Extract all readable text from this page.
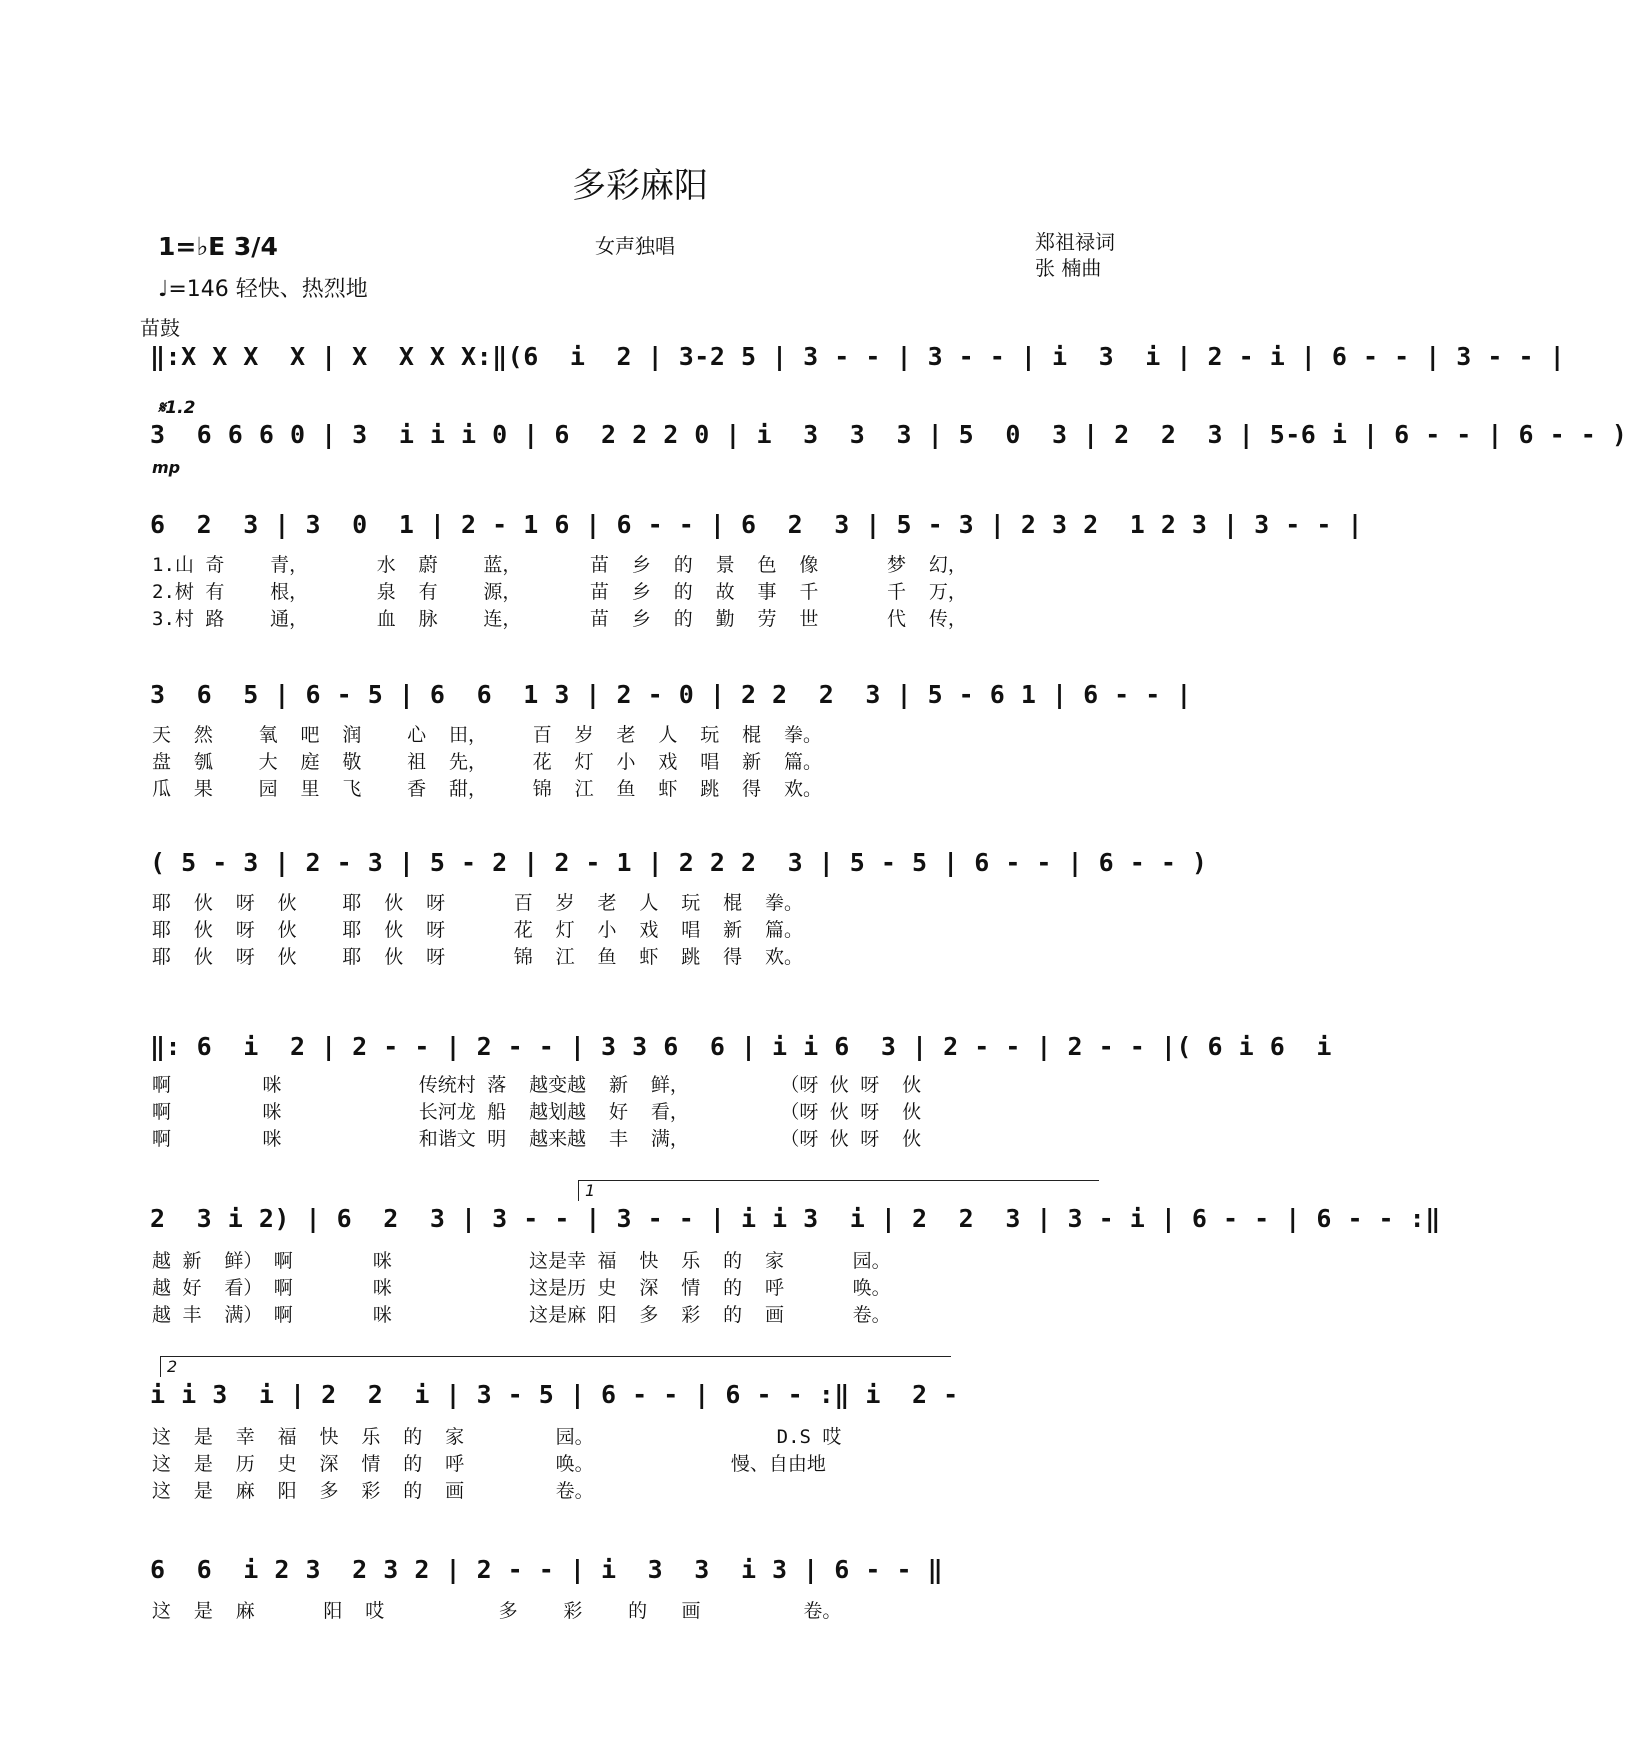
多彩麻阳
1=♭E 3/4
♩=146 轻快、热烈地
女声独唱	郑祖禄词
张 楠曲
苗鼓
𝄋1.2
mp
‖:X X X  X | X  X X X:‖(6  i  2 | 3-2 5 | 3 - - | 3 - - | i  3  i | 2 - i | 6 - - | 3 - - |
3  6 6 6 0 | 3  i i i 0 | 6  2 2 2 0 | i  3  3  3 | 5  0  3 | 2  2  3 | 5-6 i | 6 - - | 6 - - )
6  2  3 | 3  0  1 | 2 - 1 6 | 6 - - | 6  2  3 | 5 - 3 | 2 3 2  1 2 3 | 3 - - |
1.山 奇    青，      水  蔚    蓝，      苗  乡  的  景  色  像      梦  幻，
2.树 有    根，      泉  有    源，      苗  乡  的  故  事  千      千  万，
3.村 路    通，      血  脉    连，      苗  乡  的  勤  劳  世      代  传，
3  6  5 | 6 - 5 | 6  6  1 3 | 2 - 0 | 2 2  2  3 | 5 - 6 1 | 6 - - |
天  然    氧  吧  润    心  田，    百  岁  老  人  玩  棍  拳。
盘  瓠    大  庭  敬    祖  先，    花  灯  小  戏  唱  新  篇。
瓜  果    园  里  飞    香  甜，    锦  江  鱼  虾  跳  得  欢。
( 5 - 3 | 2 - 3 | 5 - 2 | 2 - 1 | 2 2 2  3 | 5 - 5 | 6 - - | 6 - - )
耶  伙  呀  伙    耶  伙  呀      百  岁  老  人  玩  棍  拳。
耶  伙  呀  伙    耶  伙  呀      花  灯  小  戏  唱  新  篇。
耶  伙  呀  伙    耶  伙  呀      锦  江  鱼  虾  跳  得  欢。
‖: 6  i  2 | 2 - - | 2 - - | 3 3 6  6 | i i 6  3 | 2 - - | 2 - - |( 6 i 6  i
啊        咪            传统村 落  越变越  新  鲜，        （呀 伙 呀  伙
啊        咪            长河龙 船  越划越  好  看，        （呀 伙 呀  伙
啊        咪            和谐文 明  越来越  丰  满，        （呀 伙 呀  伙
1
2  3 i 2) | 6  2  3 | 3 - - | 3 - - | i i 3  i | 2  2  3 | 3 - i | 6 - - | 6 - - :‖
越 新  鲜） 啊       咪            这是幸 福  快  乐  的  家      园。
越 好  看） 啊       咪            这是历 史  深  情  的  呼      唤。
越 丰  满） 啊       咪            这是麻 阳  多  彩  的  画      卷。
2
i i 3  i | 2  2  i | 3 - 5 | 6 - - | 6 - - :‖ i  2 -
这  是  幸  福  快  乐  的  家        园。                D.S 哎
这  是  历  史  深  情  的  呼        唤。            慢、自由地
这  是  麻  阳  多  彩  的  画        卷。
6  6  i 2 3  2 3 2 | 2 - - | i  3  3  i 3 | 6 - - ‖
这  是  麻      阳  哎          多    彩    的   画         卷。
